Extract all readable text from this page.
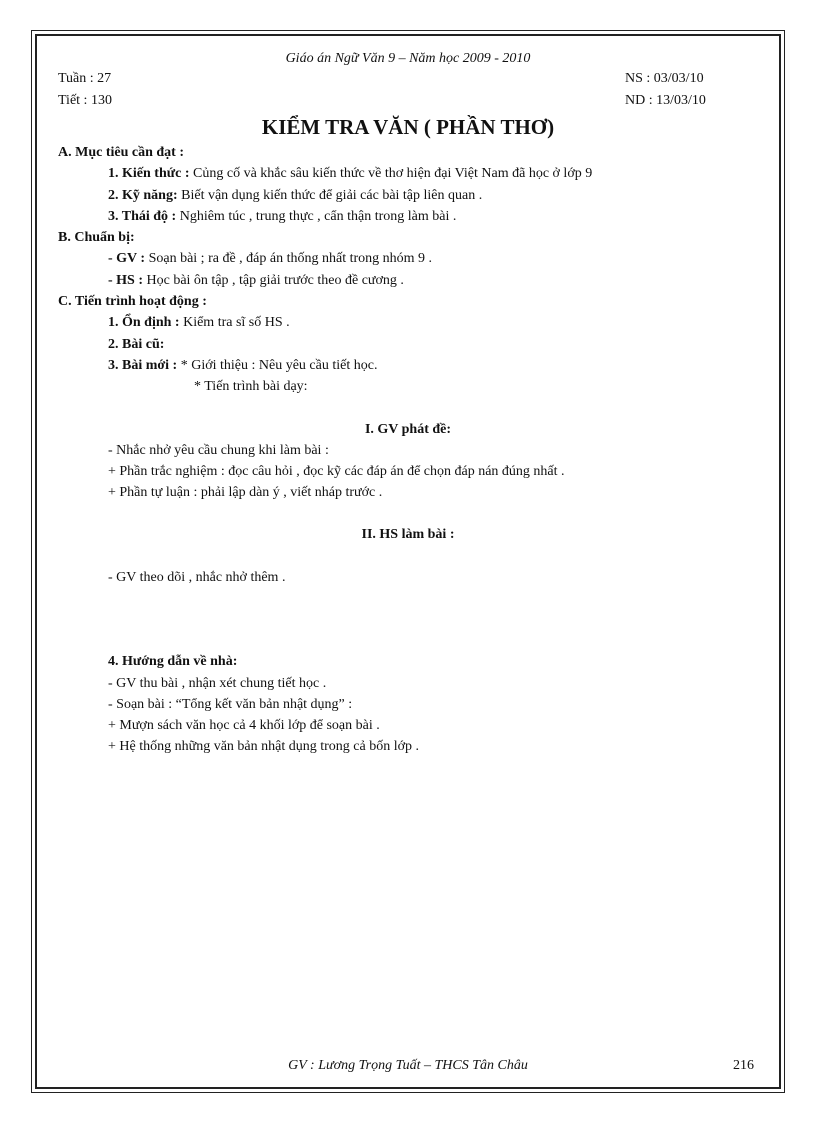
Giáo án Ngữ Văn 9 – Năm học 2009 - 2010
Tuần : 27
Tiết : 130
NS : 03/03/10
ND : 13/03/10
KIỂM TRA VĂN ( PHẦN THƠ)
A. Mục tiêu cần đạt :
1. Kiến thức : Củng cố và khắc sâu kiến thức về thơ hiện đại Việt Nam đã học ở lớp 9
2. Kỹ năng: Biết vận dụng kiến thức để giải các bài tập liên quan .
3. Thái độ : Nghiêm túc , trung thực , cẩn thận trong làm bài .
B. Chuẩn bị:
- GV : Soạn bài ; ra đề , đáp án thống nhất trong nhóm 9 .
- HS : Học bài ôn tập , tập giải trước theo đề cương .
C. Tiến trình hoạt động :
1. Ổn định : Kiểm tra sĩ số HS .
2. Bài cũ:
3. Bài mới : * Giới thiệu : Nêu yêu cầu tiết học.
* Tiến trình bài dạy:
I. GV phát đề:
- Nhắc nhở yêu cầu chung khi làm bài :
+ Phần trắc nghiệm : đọc câu hỏi , đọc kỹ các đáp án để chọn đáp nán đúng nhất .
+ Phần tự luận : phải lập dàn ý , viết nháp trước .
II. HS làm bài :
- GV theo dõi , nhắc nhở thêm .
4. Hướng dẫn về nhà:
- GV thu bài , nhận xét chung tiết học .
- Soạn bài : “Tổng kết văn bản nhật dụng” :
+ Mượn sách văn học cả 4 khối lớp để soạn bài .
+ Hệ thống những văn bản nhật dụng trong cả bốn lớp .
GV : Lương Trọng Tuất – THCS Tân Châu	216
